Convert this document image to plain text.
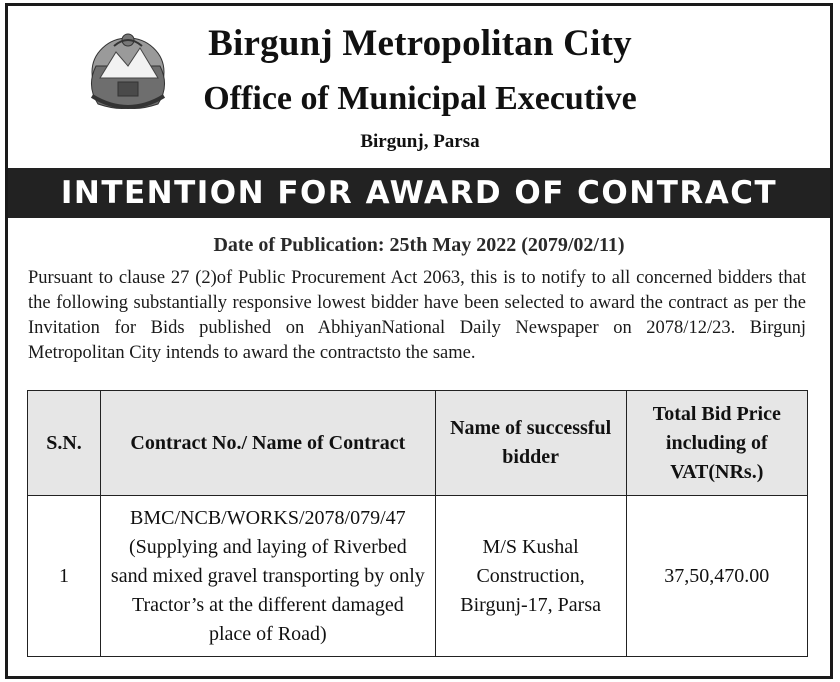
Birgunj Metropolitan City
Office of Municipal Executive
Birgunj, Parsa
INTENTION FOR AWARD OF CONTRACT
Date of Publication: 25th May 2022 (2079/02/11)
Pursuant to clause 27 (2)of Public Procurement Act 2063, this is to notify to all concerned bidders that the following substantially responsive lowest bidder have been selected to award the contract as per the Invitation for Bids published on AbhiyanNational Daily Newspaper on 2078/12/23. Birgunj Metropolitan City intends to award the contractsto the same.
S.N.	Contract No./ Name of Contract	Name of successful bidder	Total Bid Price including of VAT(NRs.)
1	BMC/NCB/WORKS/2078/079/47 (Supplying and laying of Riverbed sand mixed gravel transporting by only Tractor’s at the different damaged place of Road)	M/S Kushal Construction, Birgunj-17, Parsa	37,50,470.00
